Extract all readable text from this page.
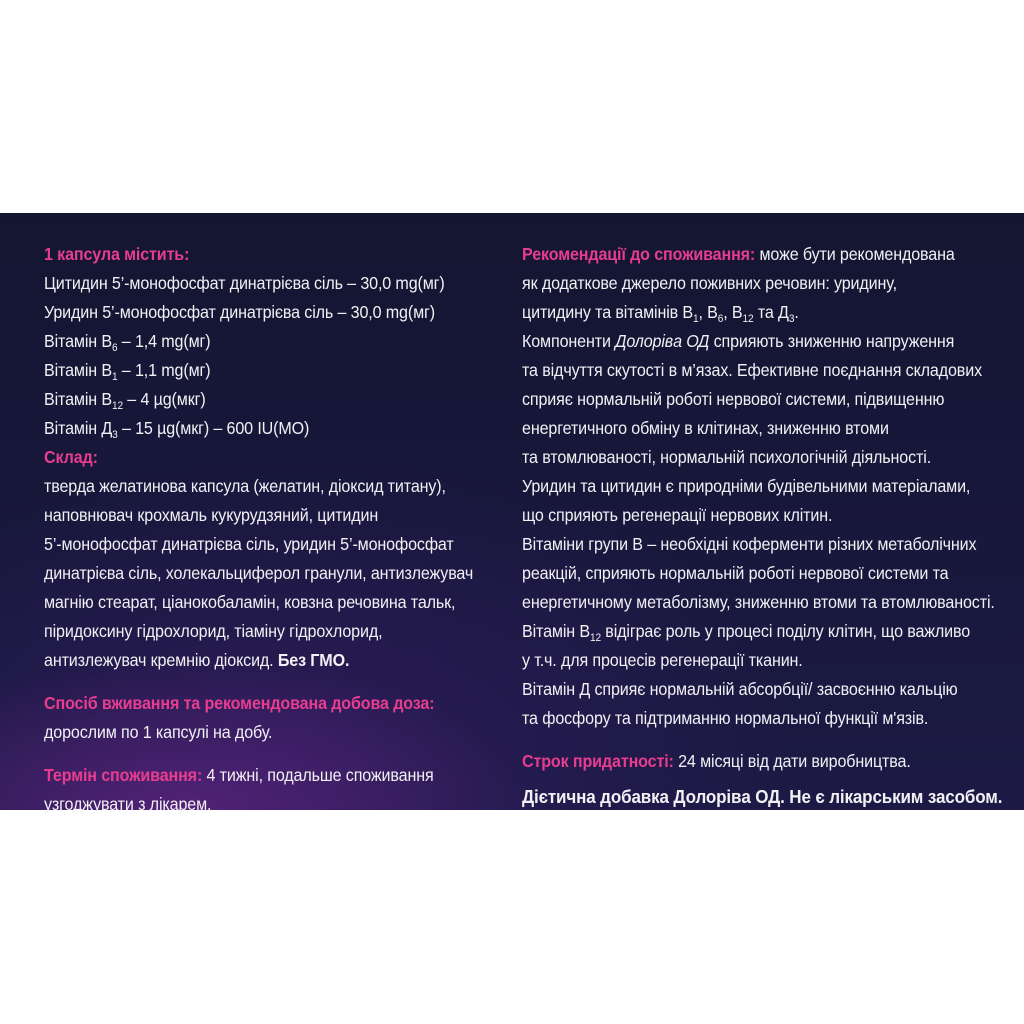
1 капсула містить:
Цитидин 5’-монофосфат динатрієва сіль – 30,0 mg(мг)
Уридин 5’-монофосфат динатрієва сіль – 30,0 mg(мг)
Вітамін $В_6 - 1,4$ mg(мг)
Вітамін $В_1 - 1,1$ mg(мг)
Вітамін $В_{12} - 4$ µg(мкг)
Вітамін $Д_3 - 15$ µg(мкг) – 600 IU(МО)
Склад:
тверда желатинова капсула (желатин, діоксид титану),
наповнювач крохмаль кукурудзяний, цитидин
5’-монофосфат динатрієва сіль, уридин 5’-монофосфат
динатрієва сіль, холекальциферол гранули, антизлежувач
магнію стеарат, ціанокобаламін, ковзна речовина тальк,
піридоксину гідрохлорид, тіаміну гідрохлорид,
антизлежувач кремнію діоксид. Без ГМО.
Спосіб вживання та рекомендована добова доза:
дорослим по 1 капсулі на добу.
Термін споживання: 4 тижні, подальше споживання
узгоджувати з лікарем.
Рекомендації до споживання: може бути рекомендована
як додаткове джерело поживних речовин: уридину,
цитидину та вітамінів $В_1$, $В_6$, $В_{12}$ та $Д_3$.
Компоненти Долорівa ОД сприяють зниженню напруження
та відчуття скутості в м’язах. Ефективне поєднання складових
сприяє нормальній роботі нервової системи, підвищенню
енергетичного обміну в клітинах, зниженню втоми
та втомлюваності, нормальній психологічній діяльності.
Уридин та цитидин є природніми будівельними матеріалами,
що сприяють регенерації нервових клітин.
Вітаміни групи В – необхідні коферменти різних метаболічних
реакцій, сприяють нормальній роботі нервової системи та
енергетичному метаболізму, зниженню втоми та втомлюваності.
Вітамін $В_{12}$ відіграє роль у процесі поділу клітин, що важливо
у т.ч. для процесів регенерації тканин.
Вітамін Д сприяє нормальній абсорбції/ засвоєнню кальцію
та фосфору та підтриманню нормальної функції м'язів.
Строк придатності: 24 місяці від дати виробництва.
Дієтична добавка Долорівa ОД. Не є лікарським засобом.
